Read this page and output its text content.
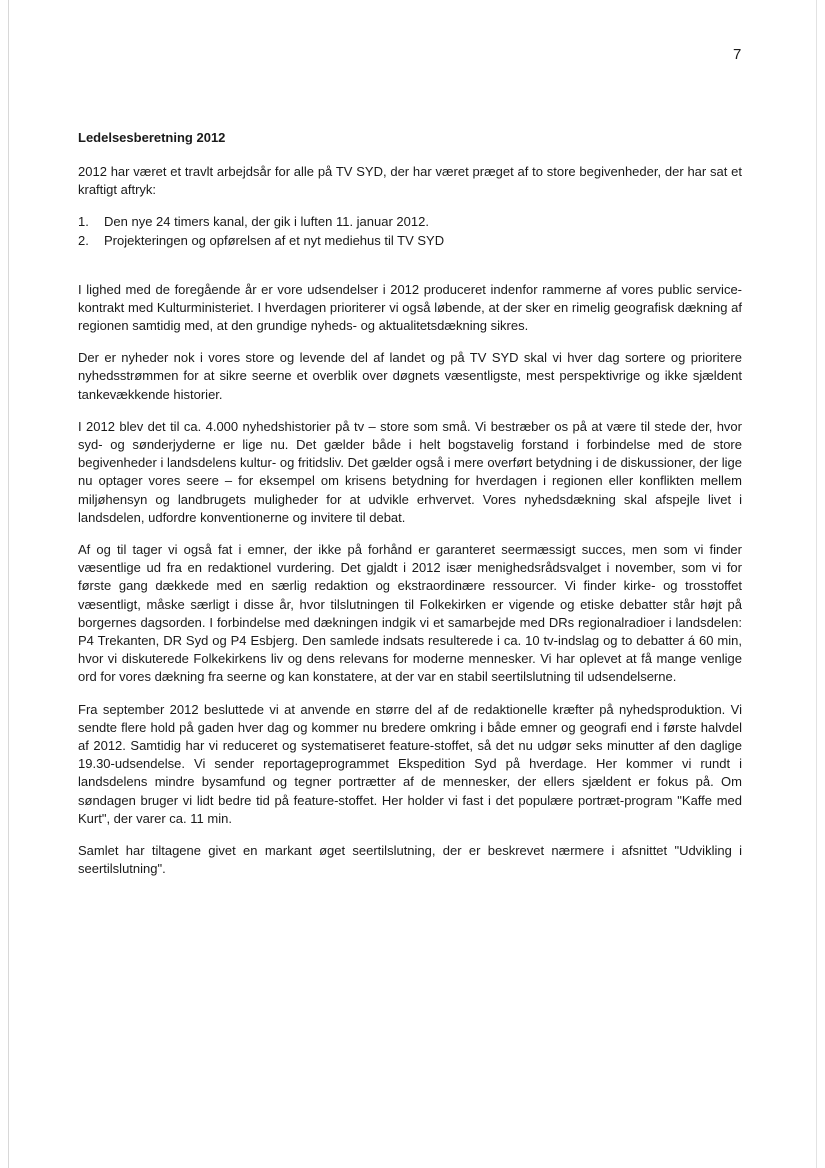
7
Ledelsesberetning 2012

2012 har været et travlt arbejdsår for alle på TV SYD, der har været præget af to store begivenheder, der har sat et kraftigt aftryk:

1.	Den nye 24 timers kanal, der gik i luften 11. januar 2012.
2.	Projekteringen og opførelsen af et nyt mediehus til TV SYD

I lighed med de foregående år er vore udsendelser i 2012 produceret indenfor rammerne af vores public service-kontrakt med Kulturministeriet. I hverdagen prioriterer vi også løbende, at der sker en rimelig geografisk dækning af regionen samtidig med, at den grundige nyheds- og aktualitetsdækning sikres.

Der er nyheder nok i vores store og levende del af landet og på TV SYD skal vi hver dag sortere og prioritere nyhedsstrømmen for at sikre seerne et overblik over døgnets væsentligste, mest perspektivrige og ikke sjældent tankevækkende historier.

I 2012 blev det til ca. 4.000 nyhedshistorier på tv – store som små. Vi bestræber os på at være til stede der, hvor syd- og sønderjyderne er lige nu. Det gælder både i helt bogstavelig forstand i forbindelse med de store begivenheder i landsdelens kultur- og fritidsliv. Det gælder også i mere overført betydning i de diskussioner, der lige nu optager vores seere – for eksempel om krisens betydning for hverdagen i regionen eller konflikten mellem miljøhensyn og landbrugets muligheder for at udvikle erhvervet. Vores nyhedsdækning skal afspejle livet i landsdelen, udfordre konventionerne og invitere til debat.

Af og til tager vi også fat i emner, der ikke på forhånd er garanteret seermæssigt succes, men som vi finder væsentlige ud fra en redaktionel vurdering. Det gjaldt i 2012 især menighedsrådsvalget i november, som vi for første gang dækkede med en særlig redaktion og ekstraordinære ressourcer. Vi finder kirke- og trosstoffet væsentligt, måske særligt i disse år, hvor tilslutningen til Folkekirken er vigende og etiske debatter står højt på borgernes dagsorden. I forbindelse med dækningen indgik vi et samarbejde med DRs regionalradioer i landsdelen: P4 Trekanten, DR Syd og P4 Esbjerg. Den samlede indsats resulterede i ca. 10 tv-indslag og to debatter á 60 min, hvor vi diskuterede Folkekirkens liv og dens relevans for moderne mennesker. Vi har oplevet at få mange venlige ord for vores dækning fra seerne og kan konstatere, at der var en stabil seertilslutning til udsendelserne.

Fra september 2012 besluttede vi at anvende en større del af de redaktionelle kræfter på nyhedsproduktion. Vi sendte flere hold på gaden hver dag og kommer nu bredere omkring i både emner og geografi end i første halvdel af 2012. Samtidig har vi reduceret og systematiseret feature-stoffet, så det nu udgør seks minutter af den daglige 19.30-udsendelse. Vi sender reportageprogrammet Ekspedition Syd på hverdage. Her kommer vi rundt i landsdelens mindre bysamfund og tegner portrætter af de mennesker, der ellers sjældent er fokus på. Om søndagen bruger vi lidt bedre tid på feature-stoffet. Her holder vi fast i det populære portræt-program "Kaffe med Kurt", der varer ca. 11 min.

Samlet har tiltagene givet en markant øget seertilslutning, der er beskrevet nærmere i afsnittet "Udvikling i seertilslutning".
